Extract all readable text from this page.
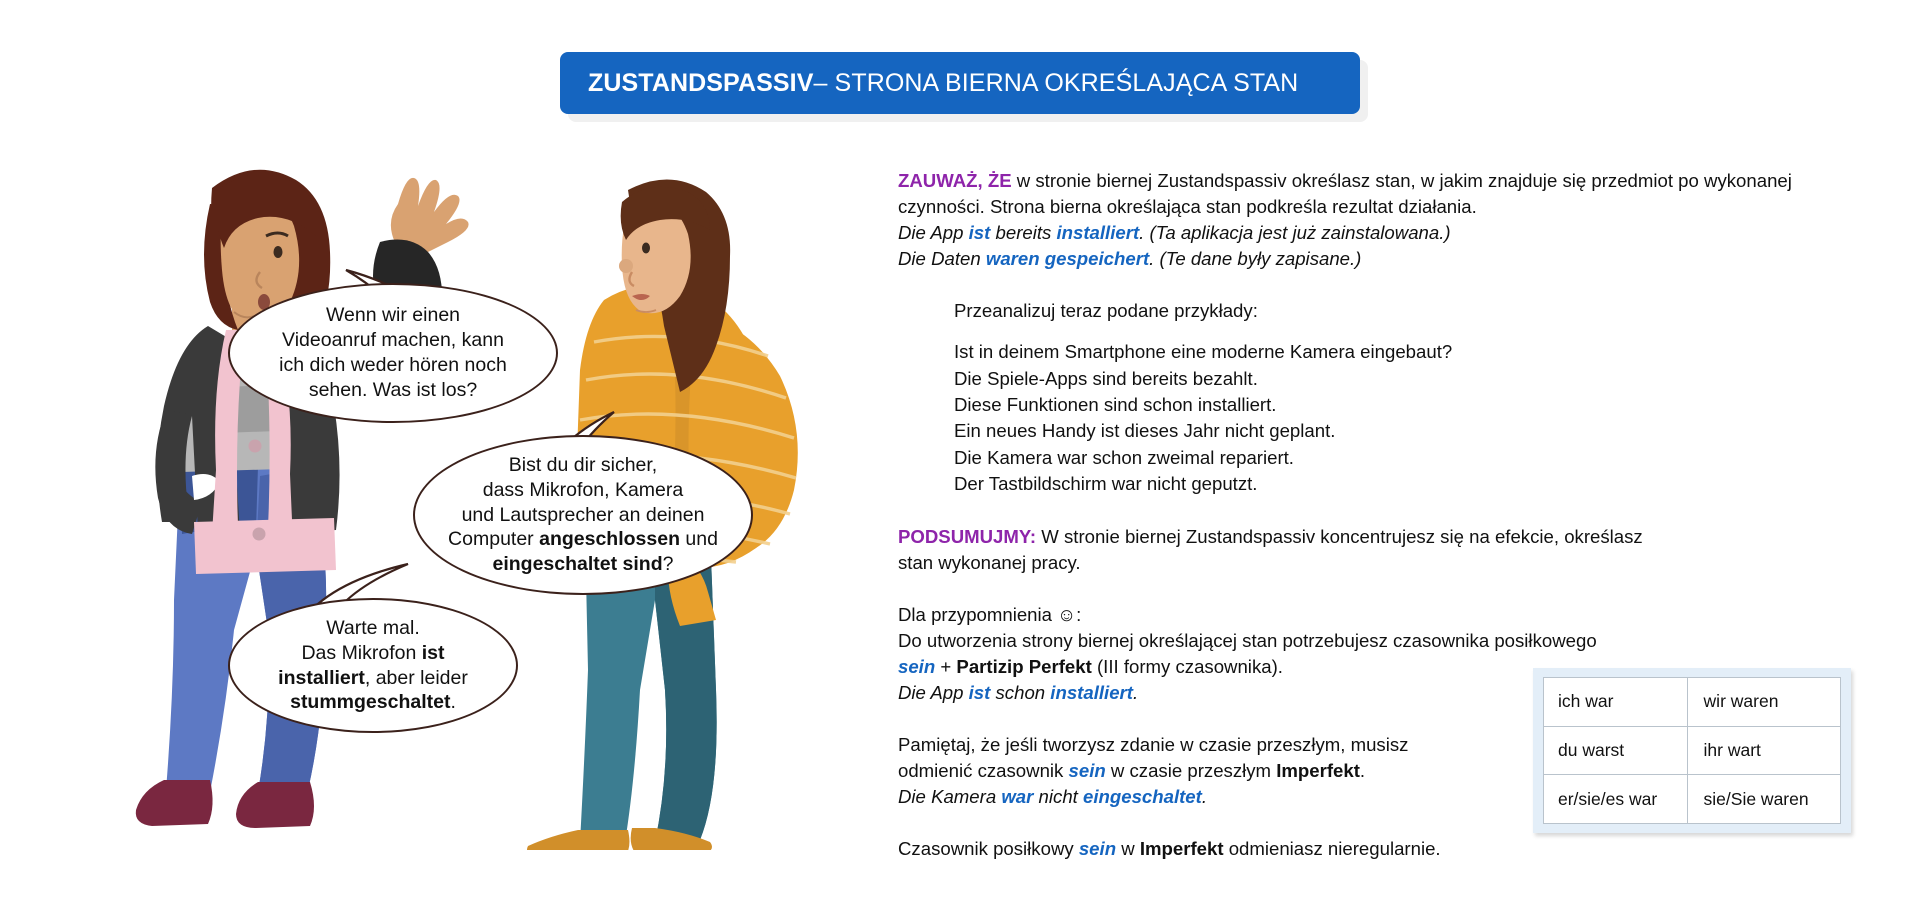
ZUSTANDSPASSIV – STRONA BIERNA OKREŚLAJĄCA STAN
Wenn wir einen
Videoanruf machen, kann
ich dich weder hören noch
sehen. Was ist los?
Bist du dir sicher,
dass Mikrofon, Kamera
und Lautsprecher an deinen
Computer angeschlossen und
eingeschaltet sind?
Warte mal.
Das Mikrofon ist
installiert, aber leider
stummgeschaltet.

ZAUWAŻ, ŻE w stronie biernej Zustandspassiv określasz stan, w jakim znajduje się przedmiot po wykonanej czynności. Strona bierna określająca stan podkreśla rezultat działania.

Die App ist bereits installiert. (Ta aplikacja jest już zainstalowana.)

Die Daten waren gespeichert. (Te dane były zapisane.)

Przeanalizuj teraz podane przykłady:

Ist in deinem Smartphone eine moderne Kamera eingebaut?

Die Spiele-Apps sind bereits bezahlt.

Diese Funktionen sind schon installiert.

Ein neues Handy ist dieses Jahr nicht geplant.

Die Kamera war schon zweimal repariert.

Der Tastbildschirm war nicht geputzt.

PODSUMUJMY: W stronie biernej Zustandspassiv koncentrujesz się na efekcie, określasz stan wykonanej pracy.

Dla przypomnienia ☺:

Do utworzenia strony biernej określającej stan potrzebujesz czasownika posiłkowego

sein + Partizip Perfekt (III formy czasownika).

Die App ist schon installiert.

Pamiętaj, że jeśli tworzysz zdanie w czasie przeszłym, musisz

odmienić czasownik sein w czasie przeszłym Imperfekt.

Die Kamera war nicht eingeschaltet.

Czasownik posiłkowy sein w Imperfekt odmieniasz nieregularnie.

ich war	wir waren
du warst	ihr wart
er/sie/es war	sie/Sie waren
